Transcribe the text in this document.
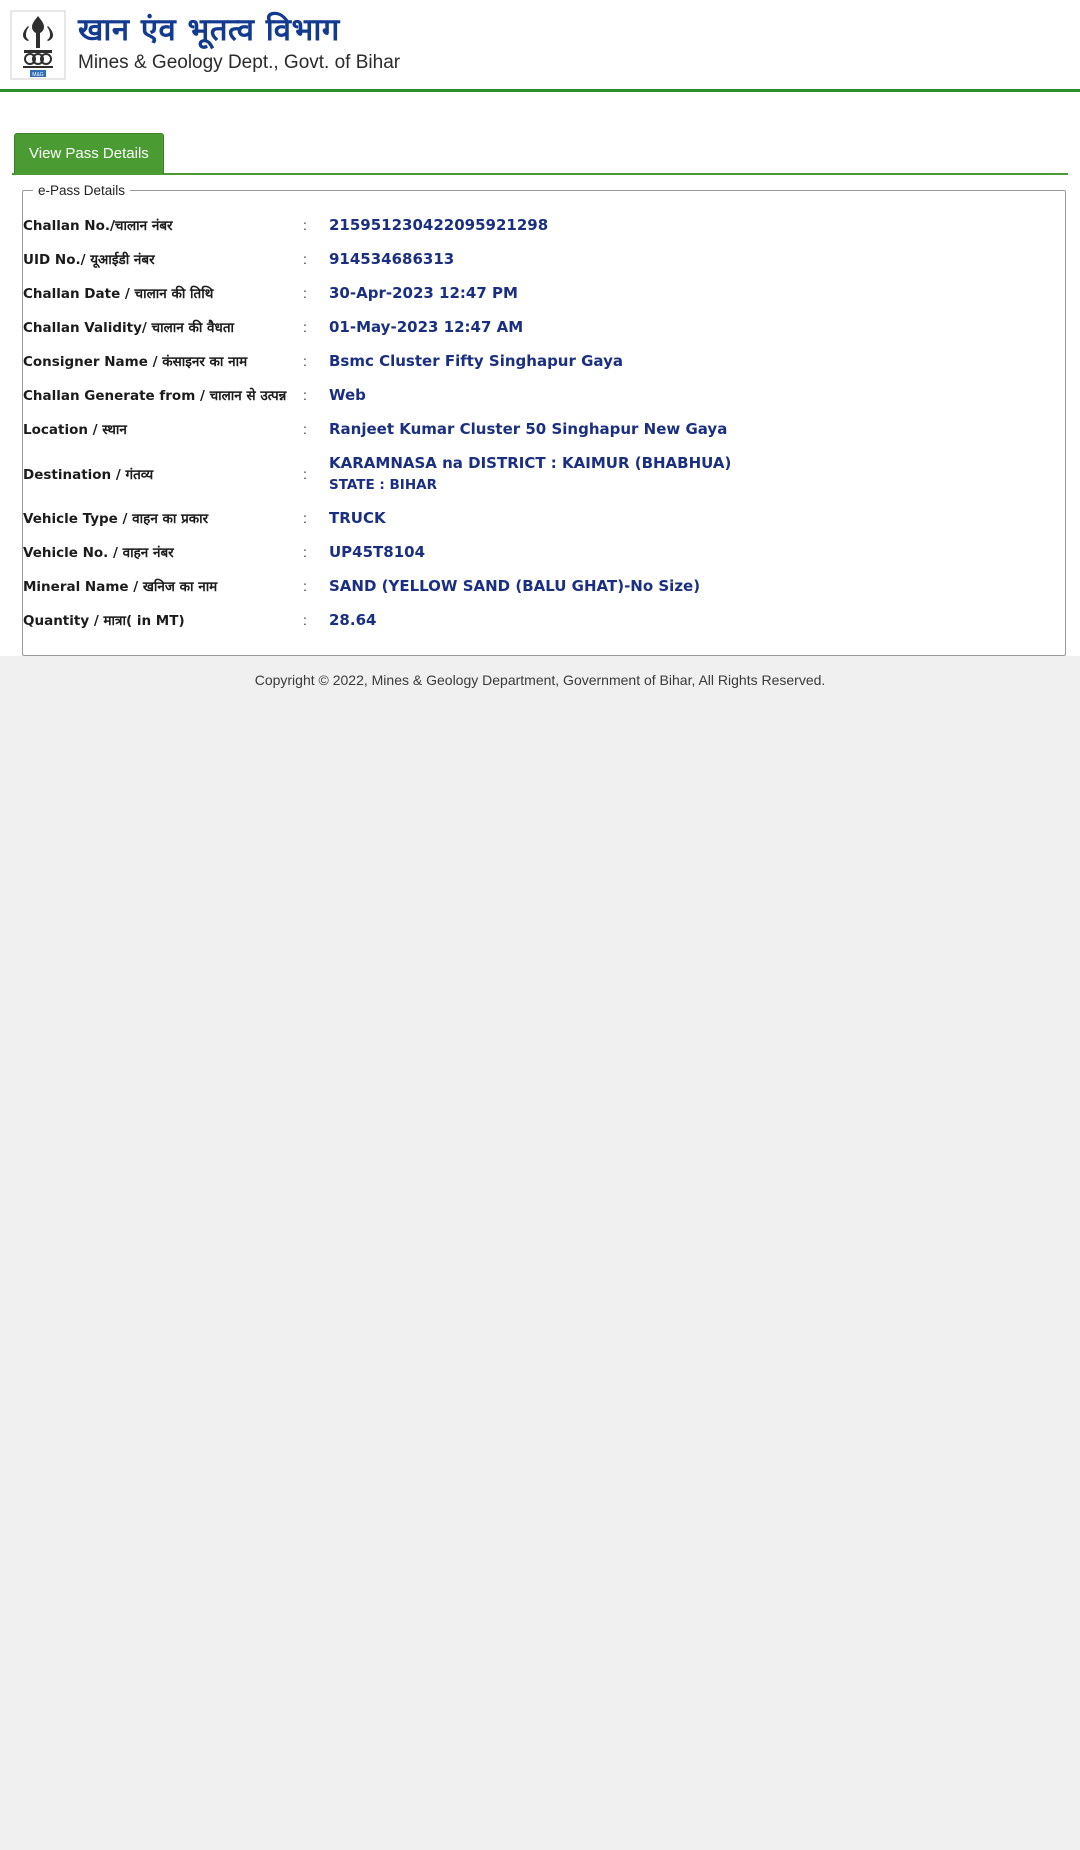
M&G
खान एंव भूतत्व विभाग
Mines & Geology Dept., Govt. of Bihar
View Pass Details
e-Pass Details
Challan No./चालान नंबर	:	215951230422095921298
UID No./ यूआईडी नंबर	:	914534686313
Challan Date / चालान की तिथि	:	30-Apr-2023 12:47 PM
Challan Validity/ चालान की वैधता	:	01-May-2023 12:47 AM
Consigner Name / कंसाइनर का नाम	:	Bsmc Cluster Fifty Singhapur Gaya
Challan Generate from / चालान से उत्पन्न	:	Web
Location / स्थान	:	Ranjeet Kumar Cluster 50 Singhapur New Gaya
Destination / गंतव्य	:	KARAMNASA na DISTRICT : KAIMUR (BHABHUA)
STATE : BIHAR

Vehicle Type / वाहन का प्रकार	:	TRUCK
Vehicle No. / वाहन नंबर	:	UP45T8104
Mineral Name / खनिज का नाम	:	SAND (YELLOW SAND (BALU GHAT)-No Size)
Quantity / मात्रा( in MT)	:	28.64
Copyright © 2022, Mines & Geology Department, Government of Bihar, All Rights Reserved.
